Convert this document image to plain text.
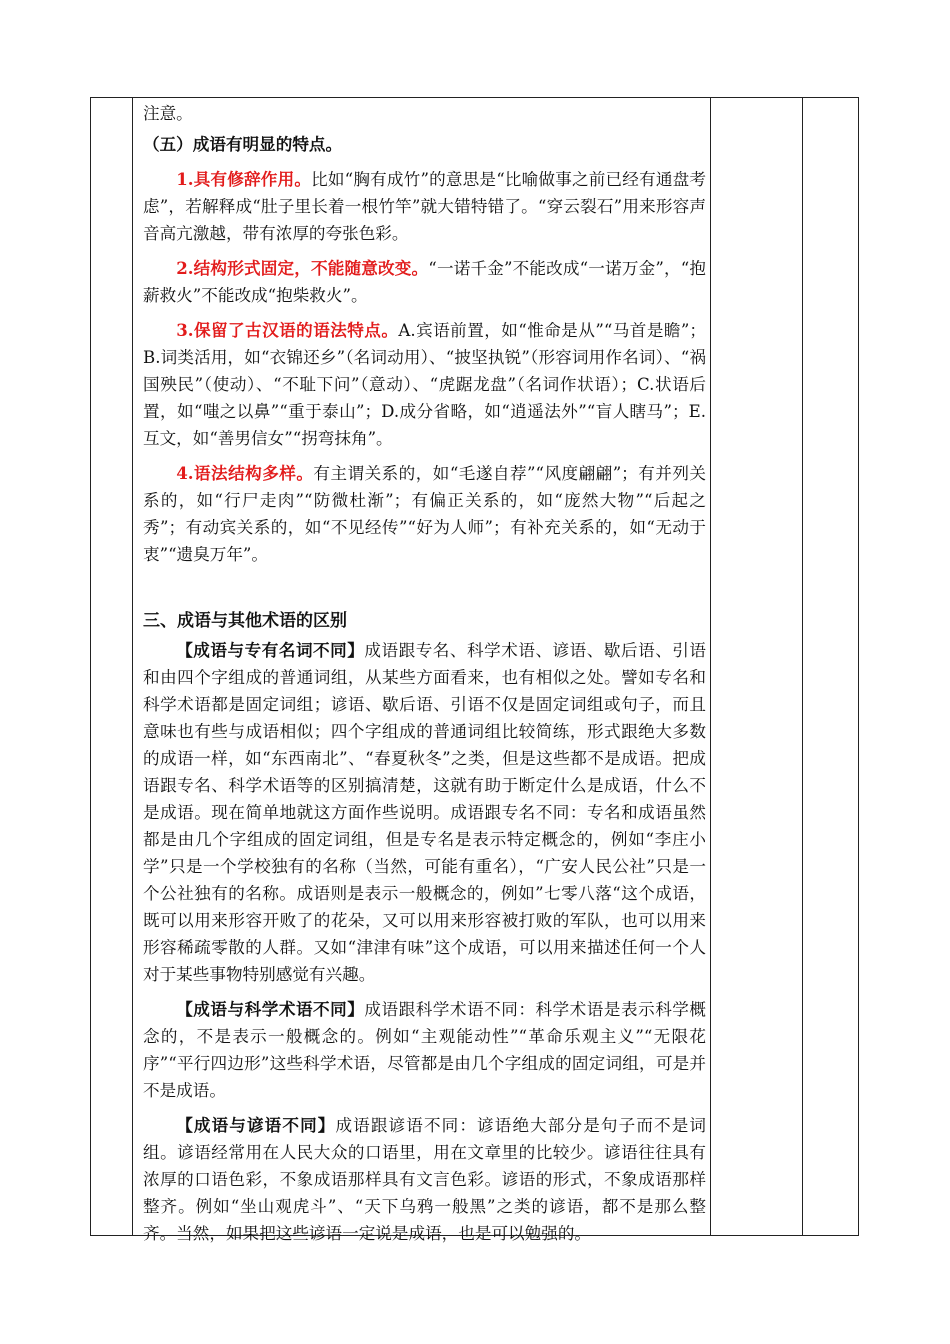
注意。

（五）成语有明显的特点。

1.具有修辞作用。比如“胸有成竹”的意思是“比喻做事之前已经有通盘考虑”，若解释成“肚子里长着一根竹竿”就大错特错了。“穿云裂石”用来形容声音高亢激越，带有浓厚的夸张色彩。

2.结构形式固定，不能随意改变。“一诺千金”不能改成“一诺万金”，“抱薪救火”不能改成“抱柴救火”。

3.保留了古汉语的语法特点。A.宾语前置，如“惟命是从”“马首是瞻”；B.词类活用，如“衣锦还乡”（名词动用）、“披坚执锐”（形容词用作名词）、“祸国殃民”（使动）、“不耻下问”（意动）、“虎踞龙盘”（名词作状语）；C.状语后置，如“嗤之以鼻”“重于泰山”；D.成分省略，如“逍遥法外”“盲人瞎马”；E.互文，如“善男信女”“拐弯抹角”。

4.语法结构多样。有主谓关系的，如“毛遂自荐”“风度翩翩”；有并列关系的，如“行尸走肉”“防微杜渐”；有偏正关系的，如“庞然大物”“后起之秀”；有动宾关系的，如“不见经传”“好为人师”；有补充关系的，如“无动于衷”“遗臭万年”。

三、成语与其他术语的区别

【成语与专有名词不同】成语跟专名、科学术语、谚语、歇后语、引语和由四个字组成的普通词组，从某些方面看来，也有相似之处。譬如专名和科学术语都是固定词组；谚语、歇后语、引语不仅是固定词组或句子，而且意味也有些与成语相似；四个字组成的普通词组比较简练，形式跟绝大多数的成语一样，如“东西南北”、“春夏秋冬”之类，但是这些都不是成语。把成语跟专名、科学术语等的区别搞清楚，这就有助于断定什么是成语，什么不是成语。现在简单地就这方面作些说明。成语跟专名不同：专名和成语虽然都是由几个字组成的固定词组，但是专名是表示特定概念的，例如“李庄小学”只是一个学校独有的名称（当然，可能有重名），“广安人民公社”只是一个公社独有的名称。成语则是表示一般概念的，例如”七零八落“这个成语，既可以用来形容开败了的花朵，又可以用来形容被打败的军队，也可以用来形容稀疏零散的人群。又如“津津有味”这个成语，可以用来描述任何一个人对于某些事物特别感觉有兴趣。

【成语与科学术语不同】成语跟科学术语不同：科学术语是表示科学概念的，不是表示一般概念的。例如“主观能动性”“革命乐观主义”“无限花序”“平行四边形”这些科学术语，尽管都是由几个字组成的固定词组，可是并不是成语。

【成语与谚语不同】成语跟谚语不同：谚语绝大部分是句子而不是词组。谚语经常用在人民大众的口语里，用在文章里的比较少。谚语往往具有浓厚的口语色彩，不象成语那样具有文言色彩。谚语的形式，不象成语那样整齐。例如“坐山观虎斗”、“天下乌鸦一般黑”之类的谚语，都不是那么整齐。当然，如果把这些谚语一定说是成语，也是可以勉强的。
